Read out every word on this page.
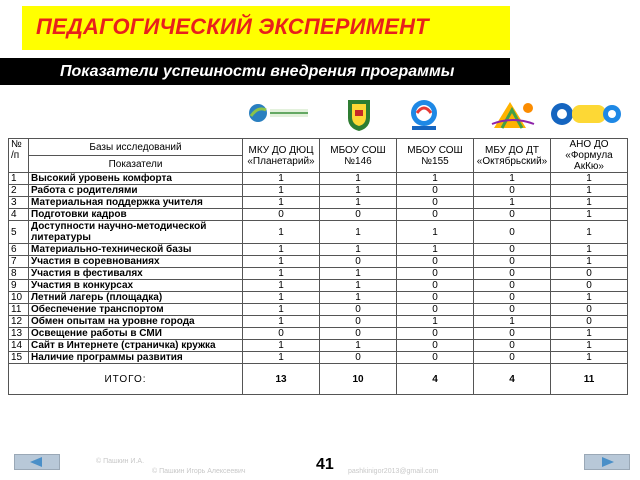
ПЕДАГОГИЧЕСКИЙ ЭКСПЕРИМЕНТ
Показатели успешности внедрения программы
№ /п	Базы исследований	МКУ ДО ДЮЦ «Планетарий»	МБОУ СОШ №146	МБОУ СОШ №155	МБУ ДО ДТ «Октябрьский»	АНО ДО «Формула АкКю»
	Показатели					
1	Высокий уровень комфорта	1	1	1	1	1
2	Работа с родителями	1	1	0	0	1
3	Материальная поддержка учителя	1	1	0	1	1
4	Подготовки кадров	0	0	0	0	1
5	Доступности научно-методической литературы	1	1	1	0	1
6	Материально-технической базы	1	1	1	0	1
7	Участия в соревнованиях	1	0	0	0	1
8	Участия в фестивалях	1	1	0	0	0
9	Участия в конкурсах	1	1	0	0	0
10	Летний лагерь (площадка)	1	1	0	0	1
11	Обеспечение транспортом	1	0	0	0	0
12	Обмен опытам на уровне города	1	0	1	1	0
13	Освещение работы в СМИ	0	0	0	0	1
14	Сайт в Интернете (страничка) кружка	1	1	0	0	1
15	Наличие программы развития	1	0	0	0	1
ИТОГО:		13	10	4	4	11
© Пашкин И.А.
© Пашкин Игорь Алексеевич	pashkinigor2013@gmail.com
41
